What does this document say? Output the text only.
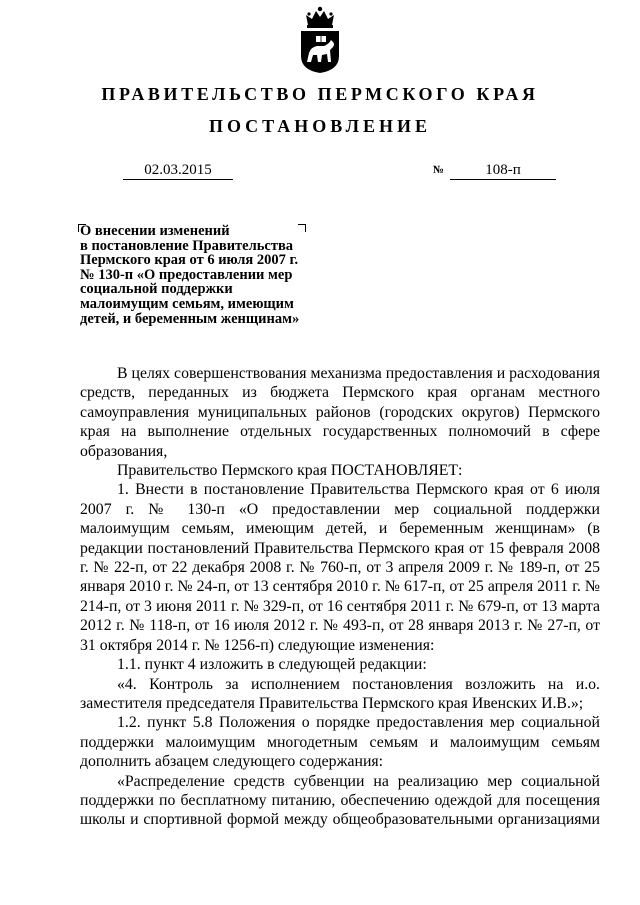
ПРАВИТЕЛЬСТВО ПЕРМСКОГО КРАЯ
ПОСТАНОВЛЕНИЕ
02.03.2015	№	108-п
О внесении изменений
в постановление Правительства
Пермского края от 6 июля 2007 г.
№ 130-п «О предоставлении мер
социальной поддержки
малоимущим семьям, имеющим
детей, и беременным женщинам»

В целях совершенствования механизма предоставления и расходования средств, переданных из бюджета Пермского края органам местного самоуправления муниципальных районов (городских округов) Пермского края на выполнение отдельных государственных полномочий в сфере образования,

Правительство Пермского края ПОСТАНОВЛЯЕТ:

1. Внести в постановление Правительства Пермского края от 6 июля 2007 г. № 130-п «О предоставлении мер социальной поддержки малоимущим семьям, имеющим детей, и беременным женщинам» (в редакции постановлений Правительства Пермского края от 15 февраля 2008 г. № 22-п, от 22 декабря 2008 г. № 760-п, от 3 апреля 2009 г. № 189-п, от 25 января 2010 г. № 24-п, от 13 сентября 2010 г. № 617-п, от 25 апреля 2011 г. № 214-п, от 3 июня 2011 г. № 329-п, от 16 сентября 2011 г. № 679-п, от 13 марта 2012 г. № 118-п, от 16 июля 2012 г. № 493-п, от 28 января 2013 г. № 27-п, от 31 октября 2014 г. № 1256-п) следующие изменения:

1.1. пункт 4 изложить в следующей редакции:

«4. Контроль за исполнением постановления возложить на и.о. заместителя председателя Правительства Пермского края Ивенских И.В.»;

1.2. пункт 5.8 Положения о порядке предоставления мер социальной поддержки малоимущим многодетным семьям и малоимущим семьям дополнить абзацем следующего содержания:

«Распределение средств субвенции на реализацию мер социальной поддержки по бесплатному питанию, обеспечению одеждой для посещения школы и спортивной формой между общеобразовательными организациями
